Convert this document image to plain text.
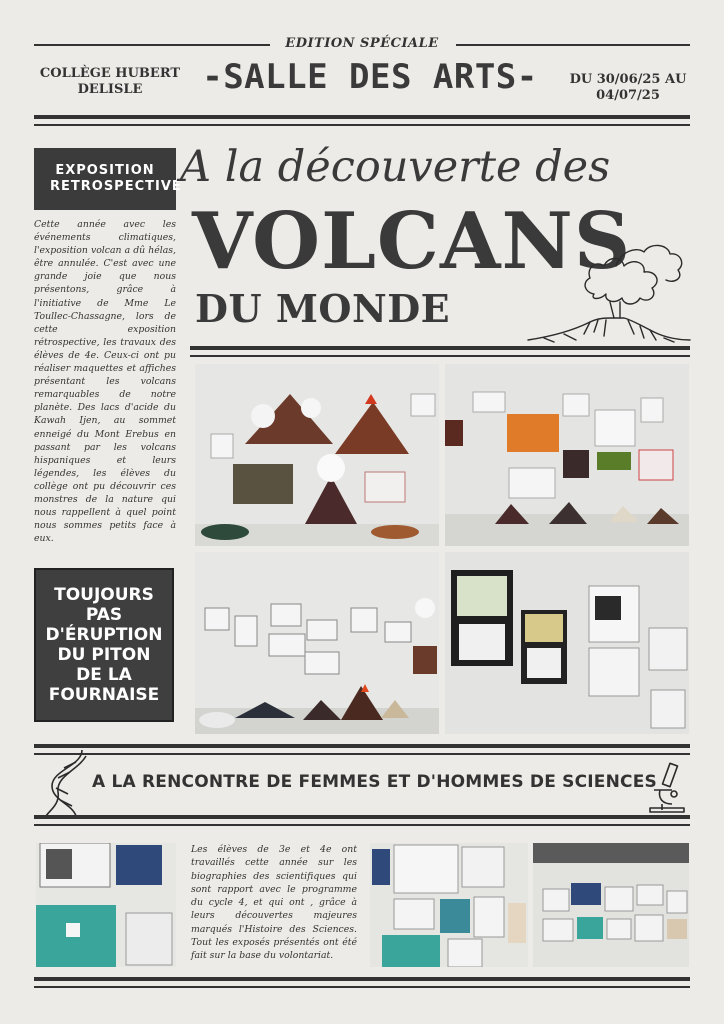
EDITION SPÉCIALE
COLLÈGE HUBERT DELISLE	-SALLE DES ARTS-	DU 30/06/25 AU 04/07/25
EXPOSITION RETROSPECTIVE
Cette année avec les événements climatiques, l'exposition volcan a dû hélas, être annulée. C'est avec une grande joie que nous présentons, grâce à l'initiative de Mme Le Toullec-Chassagne, lors de cette exposition rétrospective, les travaux des élèves de 4e. Ceux-ci ont pu réaliser maquettes et affiches présentant les volcans remarquables de notre planète. Des lacs d'acide du Kawah Ijen, au sommet enneigé du Mont Erebus en passant par les volcans hispaniques et leurs légendes, les élèves du collège ont pu découvrir ces monstres de la nature qui nous rappellent à quel point nous sommes petits face à eux.
TOUJOURS PAS D'ÉRUPTION DU PITON DE LA FOURNAISE
A la découverte des
VOLCANS
DU MONDE
A LA RENCONTRE DE FEMMES ET D'HOMMES DE SCIENCES
Les élèves de 3e et 4e ont travaillés cette année sur les biographies des scientifiques qui sont rapport avec le programme du cycle 4, et qui ont , grâce à leurs découvertes majeures marqués l'Histoire des Sciences. Tout les exposés présentés ont été fait sur la base du volontariat.
